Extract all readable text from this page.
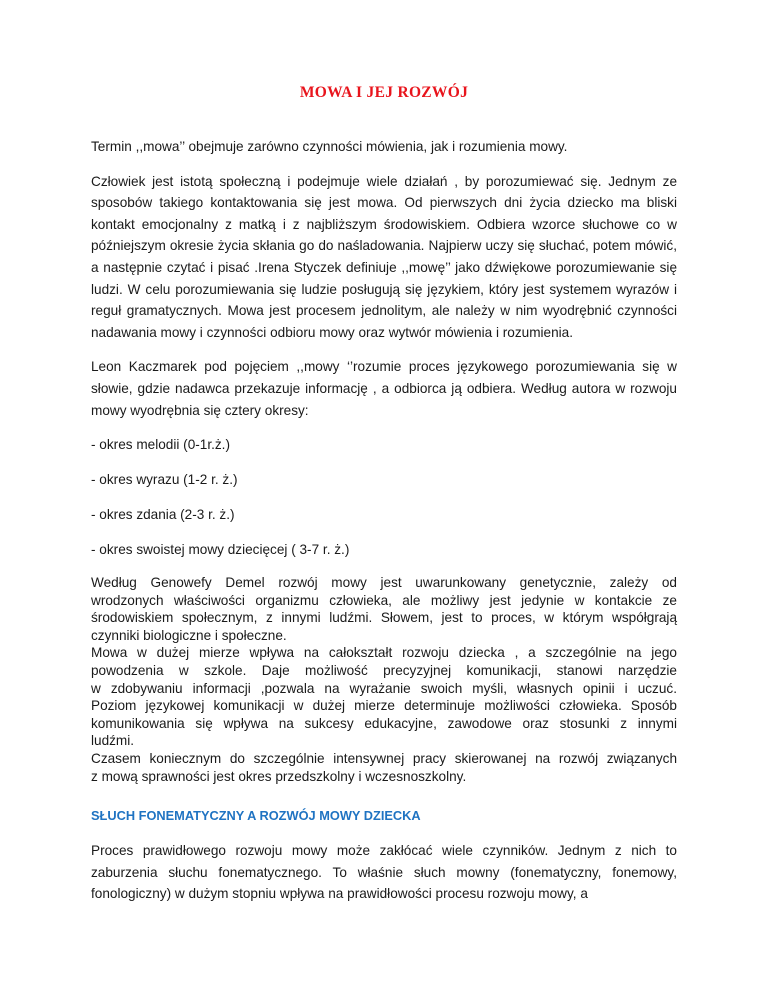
MOWA I JEJ ROZWÓJ

Termin ,,mowa’’ obejmuje zarówno czynności mówienia, jak i rozumienia mowy.

Człowiek jest istotą społeczną i podejmuje wiele działań , by porozumiewać się. Jednym ze sposobów takiego kontaktowania się jest mowa. Od pierwszych dni życia dziecko ma bliski kontakt emocjonalny z matką i z najbliższym środowiskiem. Odbiera wzorce słuchowe co w późniejszym okresie życia skłania go do naśladowania. Najpierw uczy się słuchać, potem mówić, a następnie czytać i pisać .Irena Styczek definiuje ,,mowę’’ jako dźwiękowe porozumiewanie się ludzi. W celu porozumiewania się ludzie posługują się językiem, który jest systemem wyrazów i reguł gramatycznych. Mowa jest procesem jednolitym, ale należy w nim wyodrębnić czynności nadawania mowy i czynności odbioru mowy oraz wytwór mówienia i rozumienia.

Leon Kaczmarek pod pojęciem ,,mowy ‘’rozumie proces językowego porozumiewania się w słowie, gdzie nadawca przekazuje informację , a odbiorca ją odbiera. Według autora w rozwoju mowy wyodrębnia się cztery okresy:

- okres melodii (0-1r.ż.)

- okres wyrazu (1-2 r. ż.)

- okres zdania (2-3 r. ż.)

- okres swoistej mowy dziecięcej ( 3-7 r. ż.)

Według Genowefy Demel rozwój mowy jest uwarunkowany genetycznie, zależy od
wrodzonych właściwości organizmu człowieka, ale możliwy jest jedynie w kontakcie ze
środowiskiem społecznym, z innymi ludźmi. Słowem, jest to proces, w którym współgrają
czynniki biologiczne i społeczne.
Mowa w dużej mierze wpływa na całokształt rozwoju dziecka , a szczególnie na jego
powodzenia w szkole. Daje możliwość precyzyjnej komunikacji, stanowi narzędzie
w zdobywaniu informacji ,pozwala na wyrażanie swoich myśli, własnych opinii i uczuć.
Poziom językowej komunikacji w dużej mierze determinuje możliwości człowieka. Sposób
komunikowania się wpływa na sukcesy edukacyjne, zawodowe oraz stosunki z innymi
ludźmi.
Czasem koniecznym do szczególnie intensywnej pracy skierowanej na rozwój związanych
z mową sprawności jest okres przedszkolny i wczesnoszkolny.
SŁUCH FONEMATYCZNY A ROZWÓJ MOWY DZIECKA

Proces prawidłowego rozwoju mowy może zakłócać wiele czynników. Jednym z nich to zaburzenia słuchu fonematycznego. To właśnie słuch mowny (fonematyczny, fonemowy, fonologiczny) w dużym stopniu wpływa na prawidłowości procesu rozwoju mowy, a
